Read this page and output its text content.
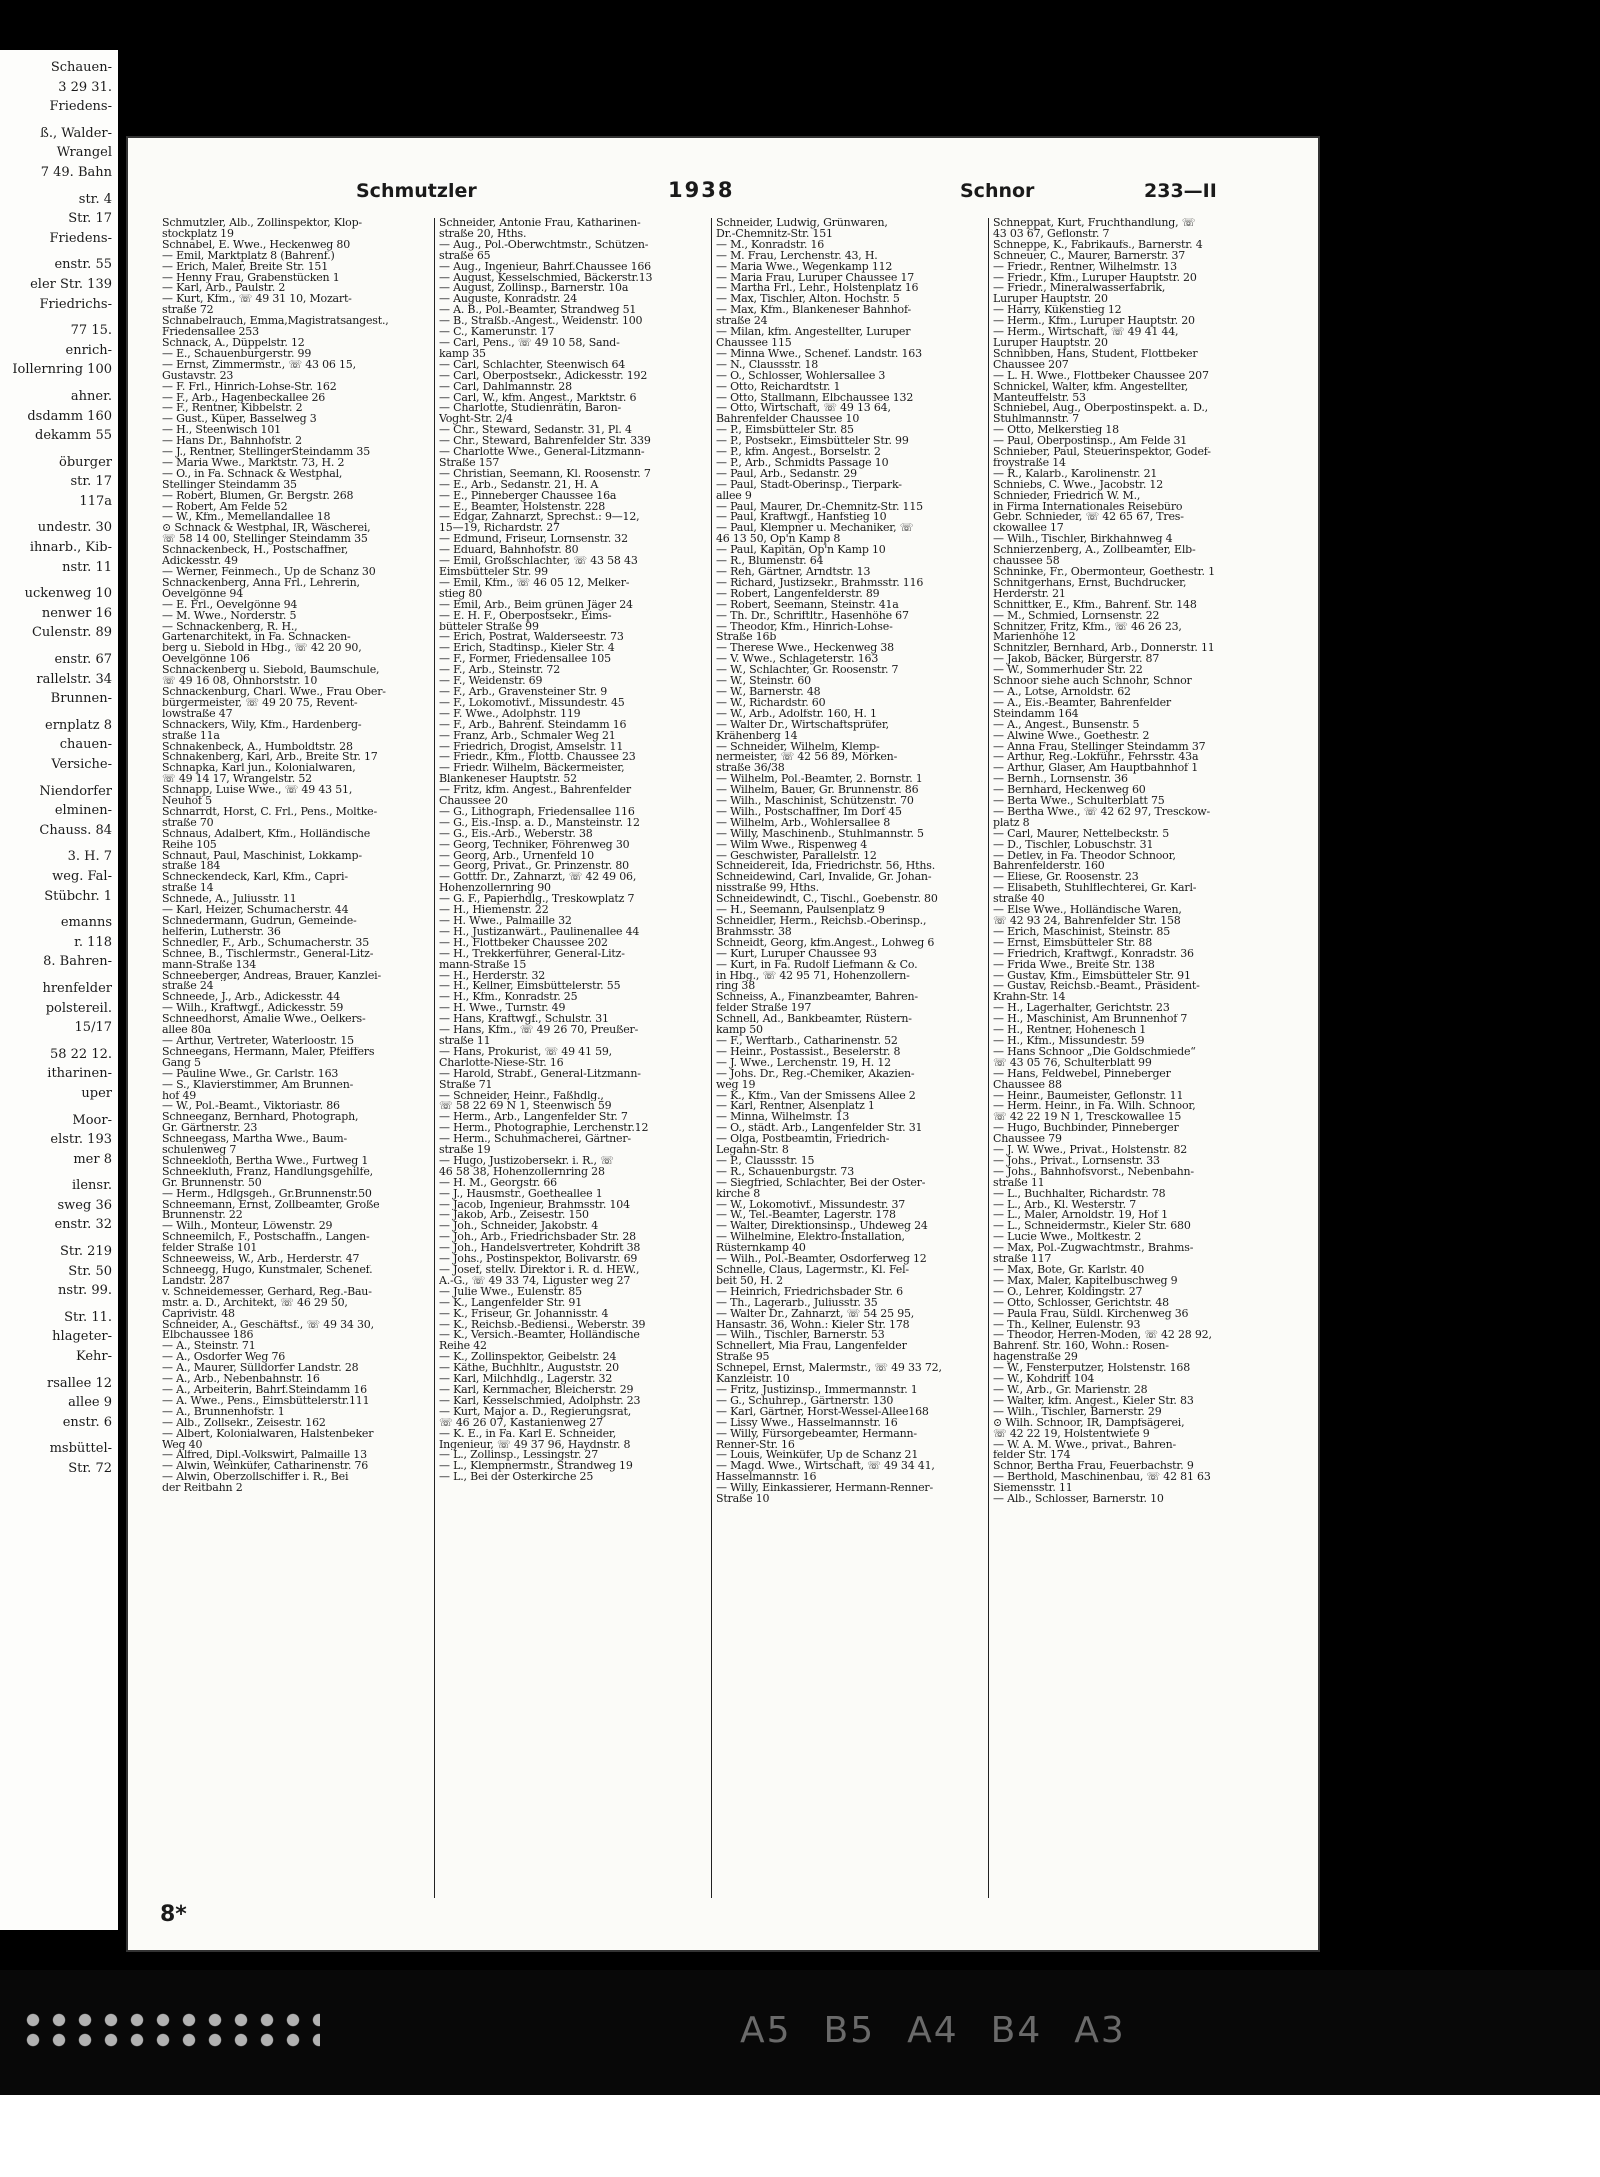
Schauen-
3 29 31.
Friedens-
ß., Walder-
Wrangel
7 49. Bahn
str. 4
Str. 17
Friedens-
enstr. 55
eler Str. 139
Friedrichs-
77 15.
enrich-
Iollernring 100
ahner.
dsdamm 160
dekamm 55
öburger
str. 17
117a
undestr. 30
ihnarb., Kib-
nstr. 11
uckenweg 10
nenwer 16
Culenstr. 89
enstr. 67
rallelstr. 34
Brunnen-
ernplatz 8
chauen-
Versiche-
Niendorfer
elminen-
Chauss. 84
3. H. 7
weg. Fal-
Stübchr. 1
emanns
r. 118
8. Bahren-
hrenfelder
polstereil.
15/17
58 22 12.
itharinen-
uper
Moor-
elstr. 193
mer 8
ilensr.
sweg 36
enstr. 32
Str. 219
Str. 50
nstr. 99.
Str. 11.
hlageter-
Kehr-
rsallee 12
allee 9
enstr. 6
msbüttel-
Str. 72
Schmutzler	1938	Schnor	233—II
Schmutzler, Alb., Zollinspektor, Klop-
stockplatz 19
Schnabel, E. Wwe., Heckenweg 80
— Emil, Marktplatz 8 (Bahrenf.)
— Erich, Maler, Breite Str. 151
— Henny Frau, Grabenstücken 1
— Karl, Arb., Paulstr. 2
— Kurt, Kfm., ☏ 49 31 10, Mozart-
straße 72
Schnabelrauch, Emma,Magistratsangest.,
Friedensallee 253
Schnack, A., Düppelstr. 12
— E., Schauenburgerstr. 99
— Ernst, Zimmermstr., ☏ 43 06 15,
Gustavstr. 23
— F. Frl., Hinrich-Lohse-Str. 162
— F., Arb., Hagenbeckallee 26
— F., Rentner, Kibbelstr. 2
— Gust., Küper, Basselweg 3
— H., Steenwisch 101
— Hans Dr., Bahnhofstr. 2
— J., Rentner, StellingerSteindamm 35
— Maria Wwe., Marktstr. 73, H. 2
— O., in Fa. Schnack & Westphal,
Stellinger Steindamm 35
— Robert, Blumen, Gr. Bergstr. 268
— Robert, Am Felde 52
— W., Kfm., Memellandallee 18
⊙ Schnack & Westphal, IR, Wäscherei,
☏ 58 14 00, Stellinger Steindamm 35
Schnackenbeck, H., Postschaffner,
Adickesstr. 49
— Werner, Feinmech., Up de Schanz 30
Schnackenberg, Anna Frl., Lehrerin,
Oevelgönne 94
— E. Frl., Oevelgönne 94
— M. Wwe., Norderstr. 5
— Schnackenberg, R. H.,
Gartenarchitekt, in Fa. Schnacken-
berg u. Siebold in Hbg., ☏ 42 20 90,
Oevelgönne 106
Schnackenberg u. Siebold, Baumschule,
☏ 49 16 08, Ohnhorststr. 10
Schnackenburg, Charl. Wwe., Frau Ober-
bürgermeister, ☏ 49 20 75, Revent-
lowstraße 47
Schnackers, Wily, Kfm., Hardenberg-
straße 11a
Schnakenbeck, A., Humboldtstr. 28
Schnakenberg, Karl, Arb., Breite Str. 17
Schnapka, Karl jun., Kolonialwaren,
☏ 49 14 17, Wrangelstr. 52
Schnapp, Luise Wwe., ☏ 49 43 51,
Neuhof 5
Schnarrdt, Horst, C. Frl., Pens., Moltke-
straße 70
Schnaus, Adalbert, Kfm., Holländische
Reihe 105
Schnaut, Paul, Maschinist, Lokkamp-
straße 184
Schneckendeck, Karl, Kfm., Capri-
straße 14
Schnede, A., Juliusstr. 11
— Karl, Heizer, Schumacherstr. 44
Schnedermann, Gudrun, Gemeinde-
helferin, Lutherstr. 36
Schnedler, F., Arb., Schumacherstr. 35
Schnee, B., Tischlermstr., General-Litz-
mann-Straße 134
Schneeberger, Andreas, Brauer, Kanzlei-
straße 24
Schneede, J., Arb., Adickesstr. 44
— Wilh., Kraftwgf., Adickesstr. 59
Schneedhorst, Amalie Wwe., Oelkers-
allee 80a
— Arthur, Vertreter, Waterloostr. 15
Schneegans, Hermann, Maler, Pfeiffers
Gang 5
— Pauline Wwe., Gr. Carlstr. 163
— S., Klavierstimmer, Am Brunnen-
hof 49
— W., Pol.-Beamt., Viktoriastr. 86
Schneeganz, Bernhard, Photograph,
Gr. Gärtnerstr. 23
Schneegass, Martha Wwe., Baum-
schulenweg 7
Schneekloth, Bertha Wwe., Furtweg 1
Schneekluth, Franz, Handlungsgehilfe,
Gr. Brunnenstr. 50
— Herm., Hdlgsgeh., Gr.Brunnenstr.50
Schneemann, Ernst, Zollbeamter, Große
Brunnenstr. 22
— Wilh., Monteur, Löwenstr. 29
Schneemilch, F., Postschaffn., Langen-
felder Straße 101
Schneeweiss, W., Arb., Herderstr. 47
Schneegg, Hugo, Kunstmaler, Schenef.
Landstr. 287
v. Schneidemesser, Gerhard, Reg.-Bau-
mstr. a. D., Architekt, ☏ 46 29 50,
Caprivistr. 48
Schneider, A., Geschäftsf., ☏ 49 34 30,
Elbchaussee 186
— A., Steinstr. 71
— A., Osdorfer Weg 76
— A., Maurer, Sülldorfer Landstr. 28
— A., Arb., Nebenbahnstr. 16
— A., Arbeiterin, Bahrf.Steindamm 16
— A. Wwe., Pens., Eimsbüttelerstr.111
— A., Brunnenhofstr. 1
— Alb., Zollsekr., Zeisestr. 162
— Albert, Kolonialwaren, Halstenbeker
Weg 40
— Alfred, Dipl.-Volkswirt, Palmaille 13
— Alwin, Weinküfer, Catharinenstr. 76
— Alwin, Oberzollschiffer i. R., Bei
der Reitbahn 2
Schneider, Antonie Frau, Katharinen-
straße 20, Hths.
— Aug., Pol.-Oberwchtmstr., Schützen-
straße 65
— Aug., Ingenieur, Bahrf.Chaussee 166
— August, Kesselschmied, Bäckerstr.13
— August, Zollinsp., Barnerstr. 10a
— Auguste, Konradstr. 24
— A. B., Pol.-Beamter, Strandweg 51
— B., Straßb.-Angest., Weidenstr. 100
— C., Kamerunstr. 17
— Carl, Pens., ☏ 49 10 58, Sand-
kamp 35
— Carl, Schlachter, Steenwisch 64
— Carl, Oberpostsekr., Adickesstr. 192
— Carl, Dahlmannstr. 28
— Carl, W., kfm. Angest., Marktstr. 6
— Charlotte, Studienrätin, Baron-
Voght-Str. 2/4
— Chr., Steward, Sedanstr. 31, Pl. 4
— Chr., Steward, Bahrenfelder Str. 339
— Charlotte Wwe., General-Litzmann-
Straße 157
— Christian, Seemann, Kl. Roosenstr. 7
— E., Arb., Sedanstr. 21, H. A
— E., Pinneberger Chaussee 16a
— E., Beamter, Holstenstr. 228
— Edgar, Zahnarzt, Sprechst.: 9—12,
15—19, Richardstr. 27
— Edmund, Friseur, Lornsenstr. 32
— Eduard, Bahnhofstr. 80
— Emil, Großschlachter, ☏ 43 58 43
Eimsbütteler Str. 99
— Emil, Kfm., ☏ 46 05 12, Melker-
stieg 80
— Emil, Arb., Beim grünen Jäger 24
— E. H. F., Oberpostsekr., Eims-
bütteler Straße 99
— Erich, Postrat, Walderseestr. 73
— Erich, Stadtinsp., Kieler Str. 4
— F., Former, Friedensallee 105
— F., Arb., Steinstr. 72
— F., Weidenstr. 69
— F., Arb., Gravensteiner Str. 9
— F., Lokomotivf., Missundestr. 45
— F. Wwe., Adolphstr. 119
— F., Arb., Bahrenf. Steindamm 16
— Franz, Arb., Schmaler Weg 21
— Friedrich, Drogist, Amselstr. 11
— Friedr., Kfm., Flottb. Chaussee 23
— Friedr. Wilhelm, Bäckermeister,
Blankeneser Hauptstr. 52
— Fritz, kfm. Angest., Bahrenfelder
Chaussee 20
— G., Lithograph, Friedensallee 116
— G., Eis.-Insp. a. D., Mansteinstr. 12
— G., Eis.-Arb., Weberstr. 38
— Georg, Techniker, Föhrenweg 30
— Georg, Arb., Urnenfeld 10
— Georg, Privat., Gr. Prinzenstr. 80
— Gottfr. Dr., Zahnarzt, ☏ 42 49 06,
Hohenzollernring 90
— G. F., Papierhdlg., Treskowplatz 7
— H., Hiemenstr. 22
— H. Wwe., Palmaille 32
— H., Justizanwärt., Paulinenallee 44
— H., Flottbeker Chaussee 202
— H., Trekkerführer, General-Litz-
mann-Straße 15
— H., Herderstr. 32
— H., Kellner, Eimsbüttelerstr. 55
— H., Kfm., Konradstr. 25
— H. Wwe., Turnstr. 49
— Hans, Kraftwgf., Schulstr. 31
— Hans, Kfm., ☏ 49 26 70, Preußer-
straße 11
— Hans, Prokurist, ☏ 49 41 59,
Charlotte-Niese-Str. 16
— Harold, Strabf., General-Litzmann-
Straße 71
— Schneider, Heinr., Faßhdlg.,
☏ 58 22 69 N 1, Steenwisch 59
— Herm., Arb., Langenfelder Str. 7
— Herm., Photographie, Lerchenstr.12
— Herm., Schuhmacherei, Gärtner-
straße 19
— Hugo, Justizobersekr. i. R., ☏
46 58 38, Hohenzollernring 28
— H. M., Georgstr. 66
— J., Hausmstr., Goetheallee 1
— Jacob, Ingenieur, Brahmsstr. 104
— Jakob, Arb., Zeisestr. 150
— Joh., Schneider, Jakobstr. 4
— Joh., Arb., Friedrichsbader Str. 28
— Joh., Handelsvertreter, Kohdrift 38
— Johs., Postinspektor, Bolivarstr. 69
— Josef, stellv. Direktor i. R. d. HEW.,
A.-G., ☏ 49 33 74, Liguster weg 27
— Julie Wwe., Eulenstr. 85
— K., Langenfelder Str. 91
— K., Friseur, Gr. Johannisstr. 4
— K., Reichsb.-Bediensi., Weberstr. 39
— K., Versich.-Beamter, Holländische
Reihe 42
— K., Zollinspektor, Geibelstr. 24
— Käthe, Buchhltr., Auguststr. 20
— Karl, Milchhdlg., Lagerstr. 32
— Karl, Kernmacher, Bleicherstr. 29
— Karl, Kesselschmied, Adolphstr. 23
— Kurt, Major a. D., Regierungsrat,
☏ 46 26 07, Kastanienweg 27
— K. E., in Fa. Karl E. Schneider,
Ingenieur, ☏ 49 37 96, Haydnstr. 8
— L., Zollinsp., Lessingstr. 27
— L., Klempnermstr., Strandweg 19
— L., Bei der Osterkirche 25
Schneider, Ludwig, Grünwaren,
Dr.-Chemnitz-Str. 151
— M., Konradstr. 16
— M. Frau, Lerchenstr. 43, H.
— Maria Wwe., Wegenkamp 112
— Maria Frau, Luruper Chaussee 17
— Martha Frl., Lehr., Holstenplatz 16
— Max, Tischler, Alton. Hochstr. 5
— Max, Kfm., Blankeneser Bahnhof-
straße 24
— Milan, kfm. Angestellter, Luruper
Chaussee 115
— Minna Wwe., Schenef. Landstr. 163
— N., Claussstr. 18
— O., Schlosser, Wohlersallee 3
— Otto, Reichardtstr. 1
— Otto, Stallmann, Elbchaussee 132
— Otto, Wirtschaft, ☏ 49 13 64,
Bahrenfelder Chaussee 10
— P., Eimsbütteler Str. 85
— P., Postsekr., Eimsbütteler Str. 99
— P., kfm. Angest., Borselstr. 2
— P., Arb., Schmidts Passage 10
— Paul, Arb., Sedanstr. 29
— Paul, Stadt-Oberinsp., Tierpark-
allee 9
— Paul, Maurer, Dr.-Chemnitz-Str. 115
— Paul, Kraftwgf., Hanfstieg 10
— Paul, Klempner u. Mechaniker, ☏
46 13 50, Op'n Kamp 8
— Paul, Kapitän, Op'n Kamp 10
— R., Blumenstr. 64
— Reh, Gärtner, Arndtstr. 13
— Richard, Justizsekr., Brahmsstr. 116
— Robert, Langenfelderstr. 89
— Robert, Seemann, Steinstr. 41a
— Th. Dr., Schriftltr., Hasenhöhe 67
— Theodor, Kfm., Hinrich-Lohse-
Straße 16b
— Therese Wwe., Heckenweg 38
— V. Wwe., Schlageterstr. 163
— W., Schlachter, Gr. Roosenstr. 7
— W., Steinstr. 60
— W., Barnerstr. 48
— W., Richardstr. 60
— W., Arb., Adolfstr. 160, H. 1
— Walter Dr., Wirtschaftsprüfer,
Krähenberg 14
— Schneider, Wilhelm, Klemp-
nermeister, ☏ 42 56 89, Mörken-
straße 36/38
— Wilhelm, Pol.-Beamter, 2. Bornstr. 1
— Wilhelm, Bauer, Gr. Brunnenstr. 86
— Wilh., Maschinist, Schützenstr. 70
— Wilh., Postschaffner, Im Dorf 45
— Wilhelm, Arb., Wohlersallee 8
— Willy, Maschinenb., Stuhlmannstr. 5
— Wilm Wwe., Rispenweg 4
— Geschwister, Parallelstr. 12
Schneidereit, Ida, Friedrichstr. 56, Hths.
Schneidewind, Carl, Invalide, Gr. Johan-
nisstraße 99, Hths.
Schneidewindt, C., Tischl., Goebenstr. 80
— H., Seemann, Paulsenplatz 9
Schneidler, Herm., Reichsb.-Oberinsp.,
Brahmsstr. 38
Schneidt, Georg, kfm.Angest., Lohweg 6
— Kurt, Luruper Chaussee 93
— Kurt, in Fa. Rudolf Liefmann & Co.
in Hbg., ☏ 42 95 71, Hohenzollern-
ring 38
Schneiss, A., Finanzbeamter, Bahren-
felder Straße 197
Schnell, Ad., Bankbeamter, Rüstern-
kamp 50
— F., Werftarb., Catharinenstr. 52
— Heinr., Postassist., Beselerstr. 8
— J. Wwe., Lerchenstr. 19, H. 12
— Johs. Dr., Reg.-Chemiker, Akazien-
weg 19
— K., Kfm., Van der Smissens Allee 2
— Karl, Rentner, Alsenplatz 1
— Minna, Wilhelmstr. 13
— O., städt. Arb., Langenfelder Str. 31
— Olga, Postbeamtin, Friedrich-
Legahn-Str. 8
— P., Claussstr. 15
— R., Schauenburgstr. 73
— Siegfried, Schlachter, Bei der Oster-
kirche 8
— W., Lokomotivf., Missundestr. 37
— W., Tel.-Beamter, Lagerstr. 178
— Walter, Direktionsinsp., Uhdeweg 24
— Wilhelmine, Elektro-Installation,
Rüsternkamp 40
— Wilh., Pol.-Beamter, Osdorferweg 12
Schnelle, Claus, Lagermstr., Kl. Fel-
beit 50, H. 2
— Heinrich, Friedrichsbader Str. 6
— Th., Lagerarb., Juliusstr. 35
— Walter Dr., Zahnarzt, ☏ 54 25 95,
Hansastr. 36, Wohn.: Kieler Str. 178
— Wilh., Tischler, Barnerstr. 53
Schnellert, Mia Frau, Langenfelder
Straße 95
Schnepel, Ernst, Malermstr., ☏ 49 33 72,
Kanzleistr. 10
— Fritz, Justizinsp., Immermannstr. 1
— G., Schuhrep., Gärtnerstr. 130
— Karl, Gärtner, Horst-Wessel-Allee168
— Lissy Wwe., Hasselmannstr. 16
— Willy, Fürsorgebeamter, Hermann-
Renner-Str. 16
— Louis, Weinküfer, Up de Schanz 21
— Magd. Wwe., Wirtschaft, ☏ 49 34 41,
Hasselmannstr. 16
— Willy, Einkassierer, Hermann-Renner-
Straße 10
Schneppat, Kurt, Fruchthandlung, ☏
43 03 67, Geflonstr. 7
Schneppe, K., Fabrikaufs., Barnerstr. 4
Schneuer, C., Maurer, Barnerstr. 37
— Friedr., Rentner, Wilhelmstr. 13
— Friedr., Kfm., Luruper Hauptstr. 20
— Friedr., Mineralwasserfabrik,
Luruper Hauptstr. 20
— Harry, Kükenstieg 12
— Herm., Kfm., Luruper Hauptstr. 20
— Herm., Wirtschaft, ☏ 49 41 44,
Luruper Hauptstr. 20
Schnibben, Hans, Student, Flottbeker
Chaussee 207
— L. H. Wwe., Flottbeker Chaussee 207
Schnickel, Walter, kfm. Angestellter,
Manteuffelstr. 53
Schniebel, Aug., Oberpostinspekt. a. D.,
Stuhlmannstr. 7
— Otto, Melkerstieg 18
— Paul, Oberpostinsp., Am Felde 31
Schnieber, Paul, Steuerinspektor, Godef-
froystraße 14
— R., Kalarb., Karolinenstr. 21
Schniebs, C. Wwe., Jacobstr. 12
Schnieder, Friedrich W. M.,
in Firma Internationales Reisebüro
Gebr. Schnieder, ☏ 42 65 67, Tres-
ckowallee 17
— Wilh., Tischler, Birkhahnweg 4
Schnierzenberg, A., Zollbeamter, Elb-
chaussee 58
Schninke, Fr., Obermonteur, Goethestr. 1
Schnitgerhans, Ernst, Buchdrucker,
Herderstr. 21
Schnittker, E., Kfm., Bahrenf. Str. 148
— M., Schmied, Lornsenstr. 22
Schnitzer, Fritz, Kfm., ☏ 46 26 23,
Marienhöhe 12
Schnitzler, Bernhard, Arb., Donnerstr. 11
— Jakob, Bäcker, Bürgerstr. 87
— W., Sommerhuder Str. 22
Schnoor siehe auch Schnohr, Schnor
— A., Lotse, Arnoldstr. 62
— A., Eis.-Beamter, Bahrenfelder
Steindamm 164
— A., Angest., Bunsenstr. 5
— Alwine Wwe., Goethestr. 2
— Anna Frau, Stellinger Steindamm 37
— Arthur, Reg.-Lokführ., Fehrsstr. 43a
— Arthur, Glaser, Am Hauptbahnhof 1
— Bernh., Lornsenstr. 36
— Bernhard, Heckenweg 60
— Berta Wwe., Schulterblatt 75
— Bertha Wwe., ☏ 42 62 97, Tresckow-
platz 8
— Carl, Maurer, Nettelbeckstr. 5
— D., Tischler, Lobuschstr. 31
— Detlev, in Fa. Theodor Schnoor,
Bahrenfelderstr. 160
— Eliese, Gr. Roosenstr. 23
— Elisabeth, Stuhlflechterei, Gr. Karl-
straße 40
— Else Wwe., Holländische Waren,
☏ 42 93 24, Bahrenfelder Str. 158
— Erich, Maschinist, Steinstr. 85
— Ernst, Eimsbütteler Str. 88
— Friedrich, Kraftwgf., Konradstr. 36
— Frida Wwe., Breite Str. 138
— Gustav, Kfm., Eimsbütteler Str. 91
— Gustav, Reichsb.-Beamt., Präsident-
Krahn-Str. 14
— H., Lagerhalter, Gerichtstr. 23
— H., Maschinist, Am Brunnenhof 7
— H., Rentner, Hohenesch 1
— H., Kfm., Missundestr. 59
— Hans Schnoor „Die Goldschmiede“
☏ 43 05 76, Schulterblatt 99
— Hans, Feldwebel, Pinneberger
Chaussee 88
— Heinr., Baumeister, Geflonstr. 11
— Herm. Heinr., in Fa. Wilh. Schnoor,
☏ 42 22 19 N 1, Tresckowallee 15
— Hugo, Buchbinder, Pinneberger
Chaussee 79
— J. W. Wwe., Privat., Holstenstr. 82
— Johs., Privat., Lornsenstr. 33
— Johs., Bahnhofsvorst., Nebenbahn-
straße 11
— L., Buchhalter, Richardstr. 78
— L., Arb., Kl. Westerstr. 7
— L., Maler, Arnoldstr. 19, Hof 1
— L., Schneidermstr., Kieler Str. 680
— Lucie Wwe., Moltkestr. 2
— Max, Pol.-Zugwachtmstr., Brahms-
straße 117
— Max, Bote, Gr. Karlstr. 40
— Max, Maler, Kapitelbuschweg 9
— O., Lehrer, Koldingstr. 27
— Otto, Schlosser, Gerichtstr. 48
— Paula Frau, Süldl. Kirchenweg 36
— Th., Kellner, Eulenstr. 93
— Theodor, Herren-Moden, ☏ 42 28 92,
Bahrenf. Str. 160, Wohn.: Rosen-
hagenstraße 29
— W., Fensterputzer, Holstenstr. 168
— W., Kohdrift 104
— W., Arb., Gr. Marienstr. 28
— Walter, kfm. Angest., Kieler Str. 83
— Wilh., Tischler, Barnerstr. 29
⊙ Wilh. Schnoor, IR, Dampfsägerei,
☏ 42 22 19, Holstentwiete 9
— W. A. M. Wwe., privat., Bahren-
felder Str. 174
Schnor, Bertha Frau, Feuerbachstr. 9
— Berthold, Maschinenbau, ☏ 42 81 63
Siemensstr. 11
— Alb., Schlosser, Barnerstr. 10
8*
A5 B5 A4 B4 A3
